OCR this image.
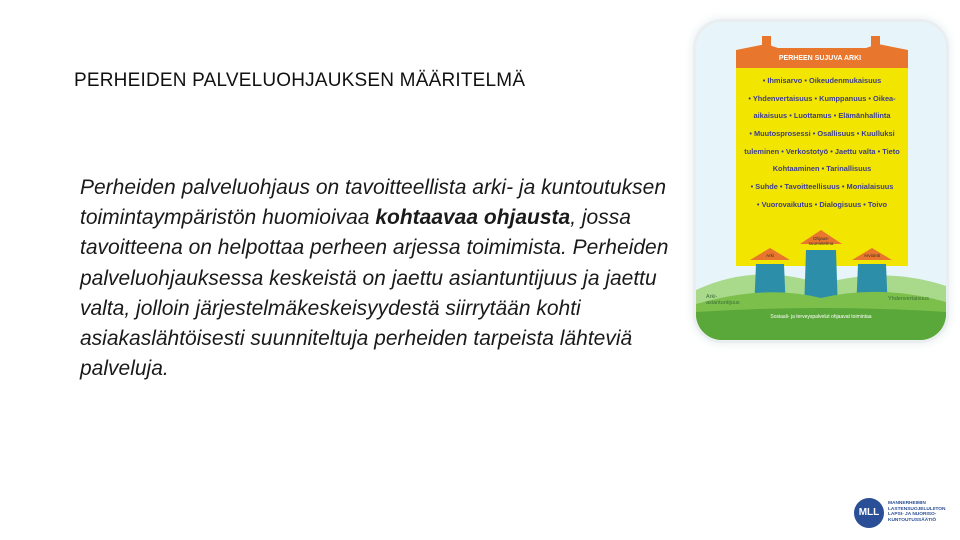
PERHEIDEN PALVELUOHJAUKSEN MÄÄRITELMÄ
Perheiden palveluohjaus on tavoitteellista arki- ja kuntoutuksen toimintaympäristön huomioivaa kohtaavaa ohjausta, jossa tavoitteena on helpottaa perheen arjessa toimimista. Perheiden palveluohjauksessa keskeistä on jaettu asiantuntijuus ja jaettu valta, jolloin järjestelmäkeskeisyydestä siirrytään kohti asiakaslähtöisesti suunniteltuja perheiden tarpeista lähteviä palveluja.
PERHEEN SUJUVA ARKI
• Ihmisarvo • Oikeudenmukaisuus
• Yhdenvertaisuus • Kumppanuus • Oikea-
aikaisuus • Luottamus • Elämänhallinta
• Muutosprosessi • Osallisuus • Kuulluksi
tuleminen • Verkostotyö • Jaettu valta • Tieto
Kohtaaminen • Tarinallisuus
• Suhde • Tavoitteellisuus • Monialaisuus
• Vuorovaikutus • Dialogisuus • Toivo
Arki
Ohjaus-suunnitelma
Arviointi
Arki-asiantuntijuus
Yhdenvertaisuus
Sosiaali- ja terveyspalvelut ohjaavat toimintaa
MLL
MANNERHEIMIN
LASTENSUOJELULIITON
LAPSI- JA NUORISO-
KUNTOUTUSSÄÄTIÖ
